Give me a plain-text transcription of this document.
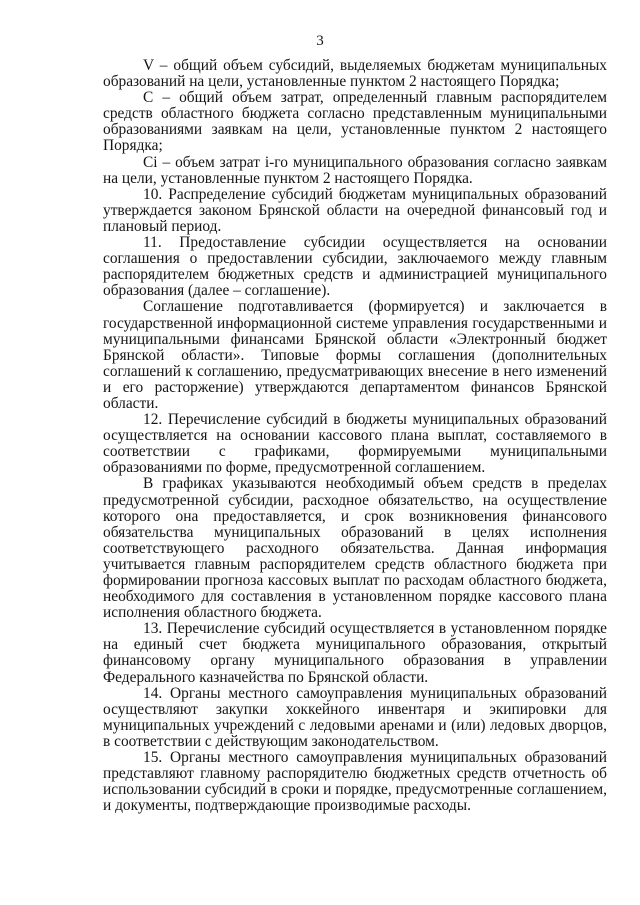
3

V – общий объем субсидий, выделяемых бюджетам муниципальных образований на цели, установленные пунктом 2 настоящего Порядка;

С – общий объем затрат, определенный главным распорядителем средств областного бюджета согласно представленным муниципальными образованиями заявкам на цели, установленные пунктом 2 настоящего Порядка;

Ci – объем затрат i-го муниципального образования согласно заявкам на цели, установленные пунктом 2 настоящего Порядка.

10. Распределение субсидий бюджетам муниципальных образований утверждается законом Брянской области на очередной финансовый год и плановый период.

11. Предоставление субсидии осуществляется на основании соглашения о предоставлении субсидии, заключаемого между главным распорядителем бюджетных средств и администрацией муниципального образования (далее – соглашение).

Соглашение подготавливается (формируется) и заключается в государственной информационной системе управления государственными и муниципальными финансами Брянской области «Электронный бюджет Брянской области». Типовые формы соглашения (дополнительных соглашений к соглашению, предусматривающих внесение в него изменений и его расторжение) утверждаются департаментом финансов Брянской области.

12. Перечисление субсидий в бюджеты муниципальных образований осуществляется на основании кассового плана выплат, составляемого в соответствии с графиками, формируемыми муниципальными образованиями по форме, предусмотренной соглашением.

В графиках указываются необходимый объем средств в пределах предусмотренной субсидии, расходное обязательство, на осуществление которого она предоставляется, и срок возникновения финансового обязательства муниципальных образований в целях исполнения соответствующего расходного обязательства. Данная информация учитывается главным распорядителем средств областного бюджета при формировании прогноза кассовых выплат по расходам областного бюджета, необходимого для составления в установленном порядке кассового плана исполнения областного бюджета.

13. Перечисление субсидий осуществляется в установленном порядке на единый счет бюджета муниципального образования, открытый финансовому органу муниципального образования в управлении Федерального казначейства по Брянской области.

14. Органы местного самоуправления муниципальных образований осуществляют закупки хоккейного инвентаря и экипировки для муниципальных учреждений с ледовыми аренами и (или) ледовых дворцов, в соответствии с действующим законодательством.

15. Органы местного самоуправления муниципальных образований представляют главному распорядителю бюджетных средств отчетность об использовании субсидий в сроки и порядке, предусмотренные соглашением, и документы, подтверждающие производимые расходы.
